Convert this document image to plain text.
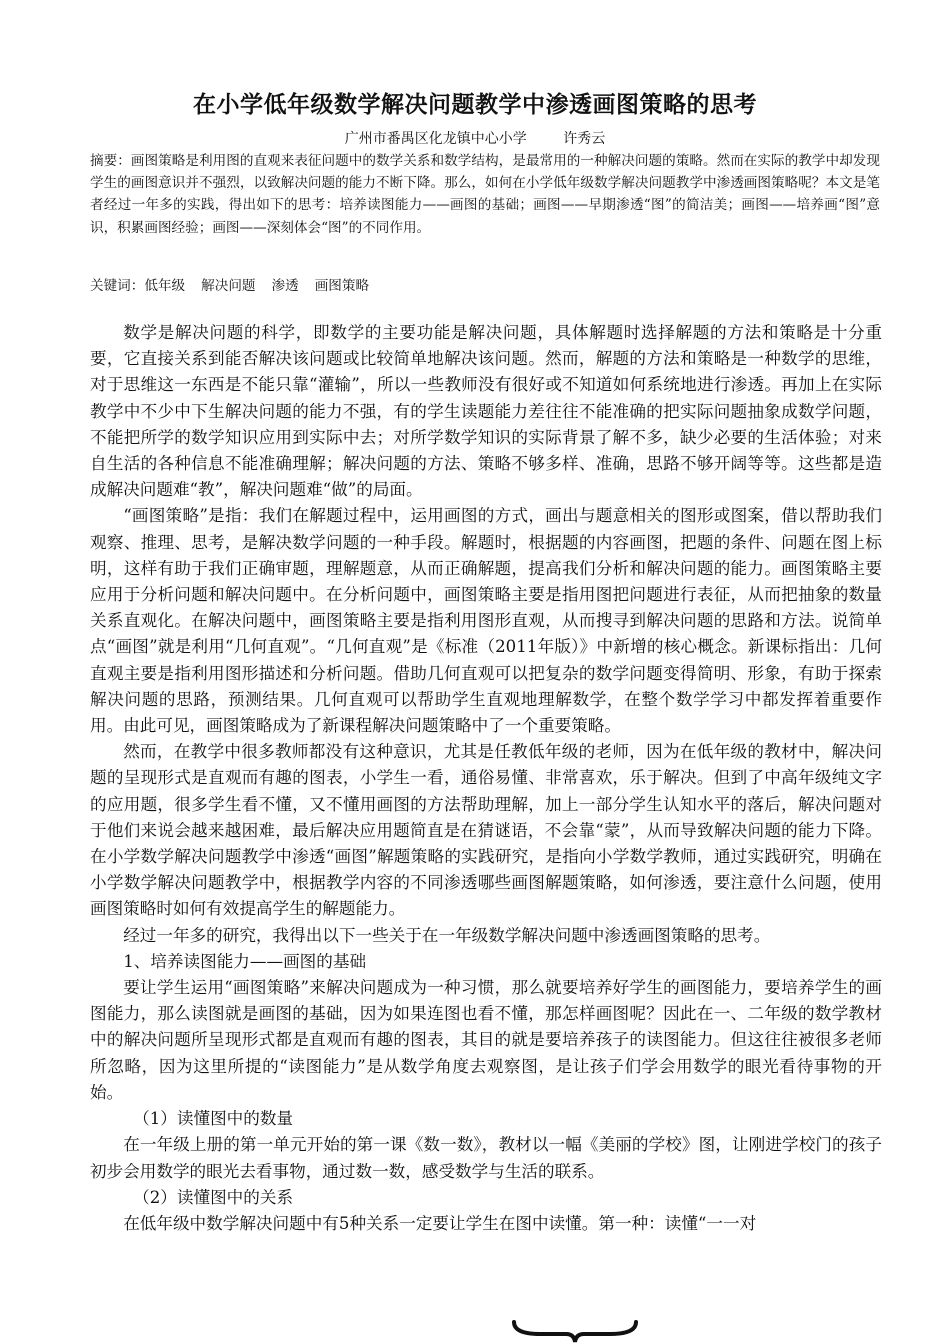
在小学低年级数学解决问题教学中渗透画图策略的思考
广州市番禺区化龙镇中心小学	许秀云
摘要：画图策略是利用图的直观来表征问题中的数学关系和数学结构，是最常用的一种解决问题的策略。然而在实际的教学中却发现学生的画图意识并不强烈，以致解决问题的能力不断下降。那么，如何在小学低年级数学解决问题教学中渗透画图策略呢？本文是笔者经过一年多的实践，得出如下的思考：培养读图能力——画图的基础；画图——早期渗透“图”的简洁美；画图——培养画“图”意识，积累画图经验；画图——深刻体会“图”的不同作用。
关键词：低年级 解决问题 渗透 画图策略

数学是解决问题的科学，即数学的主要功能是解决问题，具体解题时选择解题的方法和策略是十分重要，它直接关系到能否解决该问题或比较简单地解决该问题。然而，解题的方法和策略是一种数学的思维，对于思维这一东西是不能只靠“灌输”，所以一些教师没有很好或不知道如何系统地进行渗透。再加上在实际教学中不少中下生解决问题的能力不强，有的学生读题能力差往往不能准确的把实际问题抽象成数学问题，不能把所学的数学知识应用到实际中去；对所学数学知识的实际背景了解不多，缺少必要的生活体验；对来自生活的各种信息不能准确理解；解决问题的方法、策略不够多样、准确，思路不够开阔等等。这些都是造成解决问题难“教”，解决问题难“做”的局面。

“画图策略”是指：我们在解题过程中，运用画图的方式，画出与题意相关的图形或图案，借以帮助我们观察、推理、思考，是解决数学问题的一种手段。解题时，根据题的内容画图，把题的条件、问题在图上标明，这样有助于我们正确审题，理解题意，从而正确解题，提高我们分析和解决问题的能力。画图策略主要应用于分析问题和解决问题中。在分析问题中，画图策略主要是指用图把问题进行表征，从而把抽象的数量关系直观化。在解决问题中，画图策略主要是指利用图形直观，从而搜寻到解决问题的思路和方法。说简单点“画图”就是利用“几何直观”。“几何直观”是《标准（2011年版）》中新增的核心概念。新课标指出：几何直观主要是指利用图形描述和分析问题。借助几何直观可以把复杂的数学问题变得简明、形象，有助于探索解决问题的思路，预测结果。几何直观可以帮助学生直观地理解数学，在整个数学学习中都发挥着重要作用。由此可见，画图策略成为了新课程解决问题策略中了一个重要策略。

然而，在教学中很多教师都没有这种意识，尤其是任教低年级的老师，因为在低年级的教材中，解决问题的呈现形式是直观而有趣的图表，小学生一看，通俗易懂、非常喜欢，乐于解决。但到了中高年级纯文字的应用题，很多学生看不懂，又不懂用画图的方法帮助理解，加上一部分学生认知水平的落后，解决问题对于他们来说会越来越困难，最后解决应用题简直是在猜谜语，不会靠“蒙”，从而导致解决问题的能力下降。在小学数学解决问题教学中渗透“画图”解题策略的实践研究，是指向小学数学教师，通过实践研究，明确在小学数学解决问题教学中，根据教学内容的不同渗透哪些画图解题策略，如何渗透，要注意什么问题，使用画图策略时如何有效提高学生的解题能力。

经过一年多的研究，我得出以下一些关于在一年级数学解决问题中渗透画图策略的思考。

1、培养读图能力——画图的基础

要让学生运用“画图策略”来解决问题成为一种习惯，那么就要培养好学生的画图能力，要培养学生的画图能力，那么读图就是画图的基础，因为如果连图也看不懂，那怎样画图呢？因此在一、二年级的数学教材中的解决问题所呈现形式都是直观而有趣的图表，其目的就是要培养孩子的读图能力。但这往往被很多老师所忽略，因为这里所提的“读图能力”是从数学角度去观察图，是让孩子们学会用数学的眼光看待事物的开始。

（1）读懂图中的数量

在一年级上册的第一单元开始的第一课《数一数》，教材以一幅《美丽的学校》图，让刚进学校门的孩子初步会用数学的眼光去看事物，通过数一数，感受数学与生活的联系。

（2）读懂图中的关系

在低年级中数学解决问题中有5种关系一定要让学生在图中读懂。第一种：读懂“一一对
